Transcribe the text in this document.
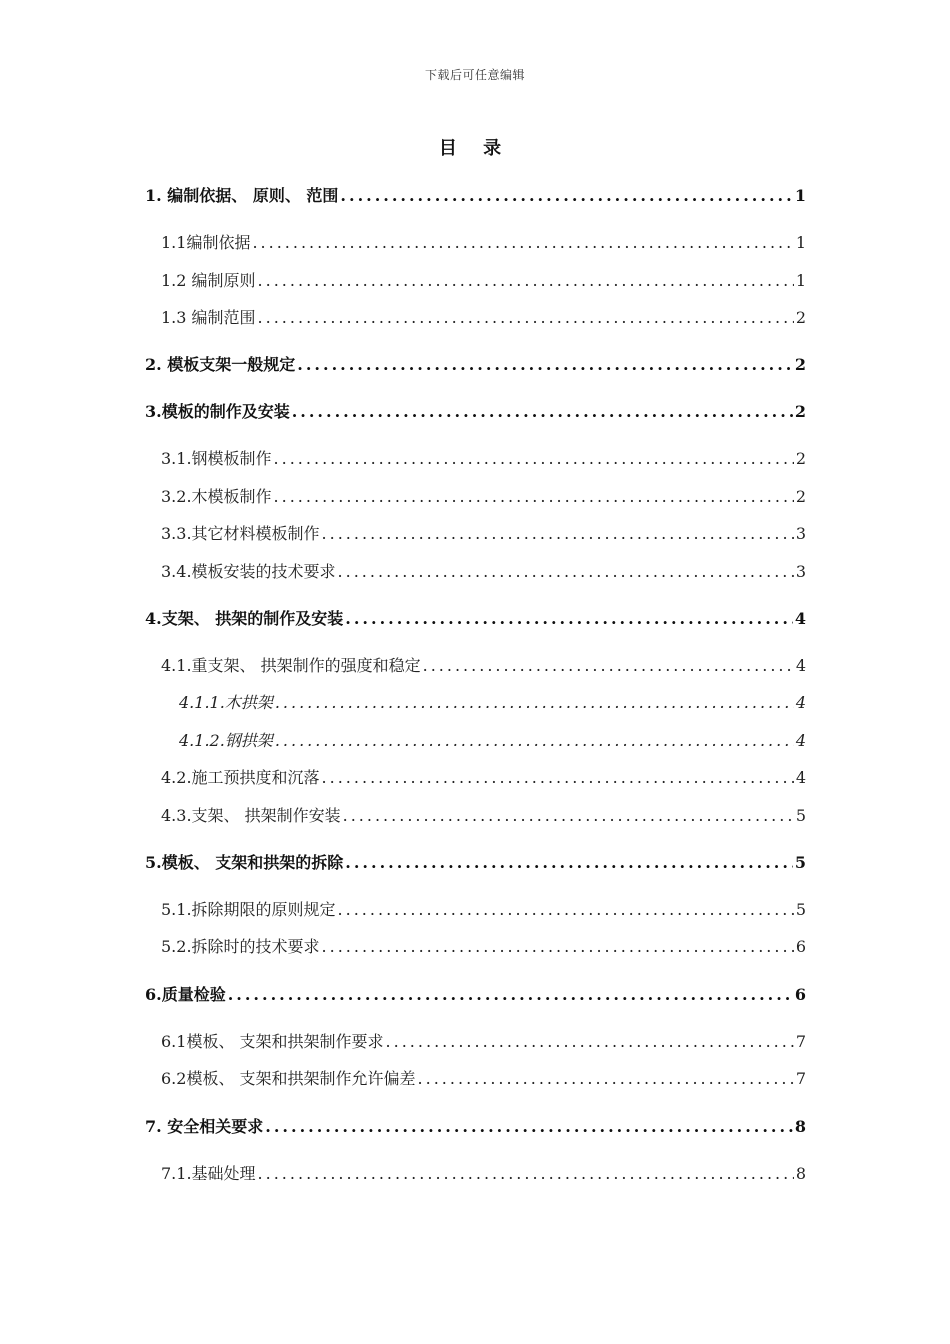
下载后可任意编辑
目 录
1. 编制依据、 原则、 范围 .....	1
1.1编制依据 .....	1
1.2 编制原则 .....	1
1.3 编制范围 .....	2
2. 模板支架一般规定 .....	2
3.模板的制作及安装 .....	2
3.1.钢模板制作 .....	2
3.2.木模板制作 .....	2
3.3.其它材料模板制作 .....	3
3.4.模板安装的技术要求 .....	3
4.支架、 拱架的制作及安装 .....	4
4.1.重支架、 拱架制作的强度和稳定 .....	4
4.1.1.木拱架 .....	4
4.1.2.钢拱架 .....	4
4.2.施工预拱度和沉落 .....	4
4.3.支架、 拱架制作安装 .....	5
5.模板、 支架和拱架的拆除 .....	5
5.1.拆除期限的原则规定 .....	5
5.2.拆除时的技术要求 .....	6
6.质量检验 .....	6
6.1模板、 支架和拱架制作要求 .....	7
6.2模板、 支架和拱架制作允许偏差 .....	7
7. 安全相关要求 .....	8
7.1.基础处理 .....	8
